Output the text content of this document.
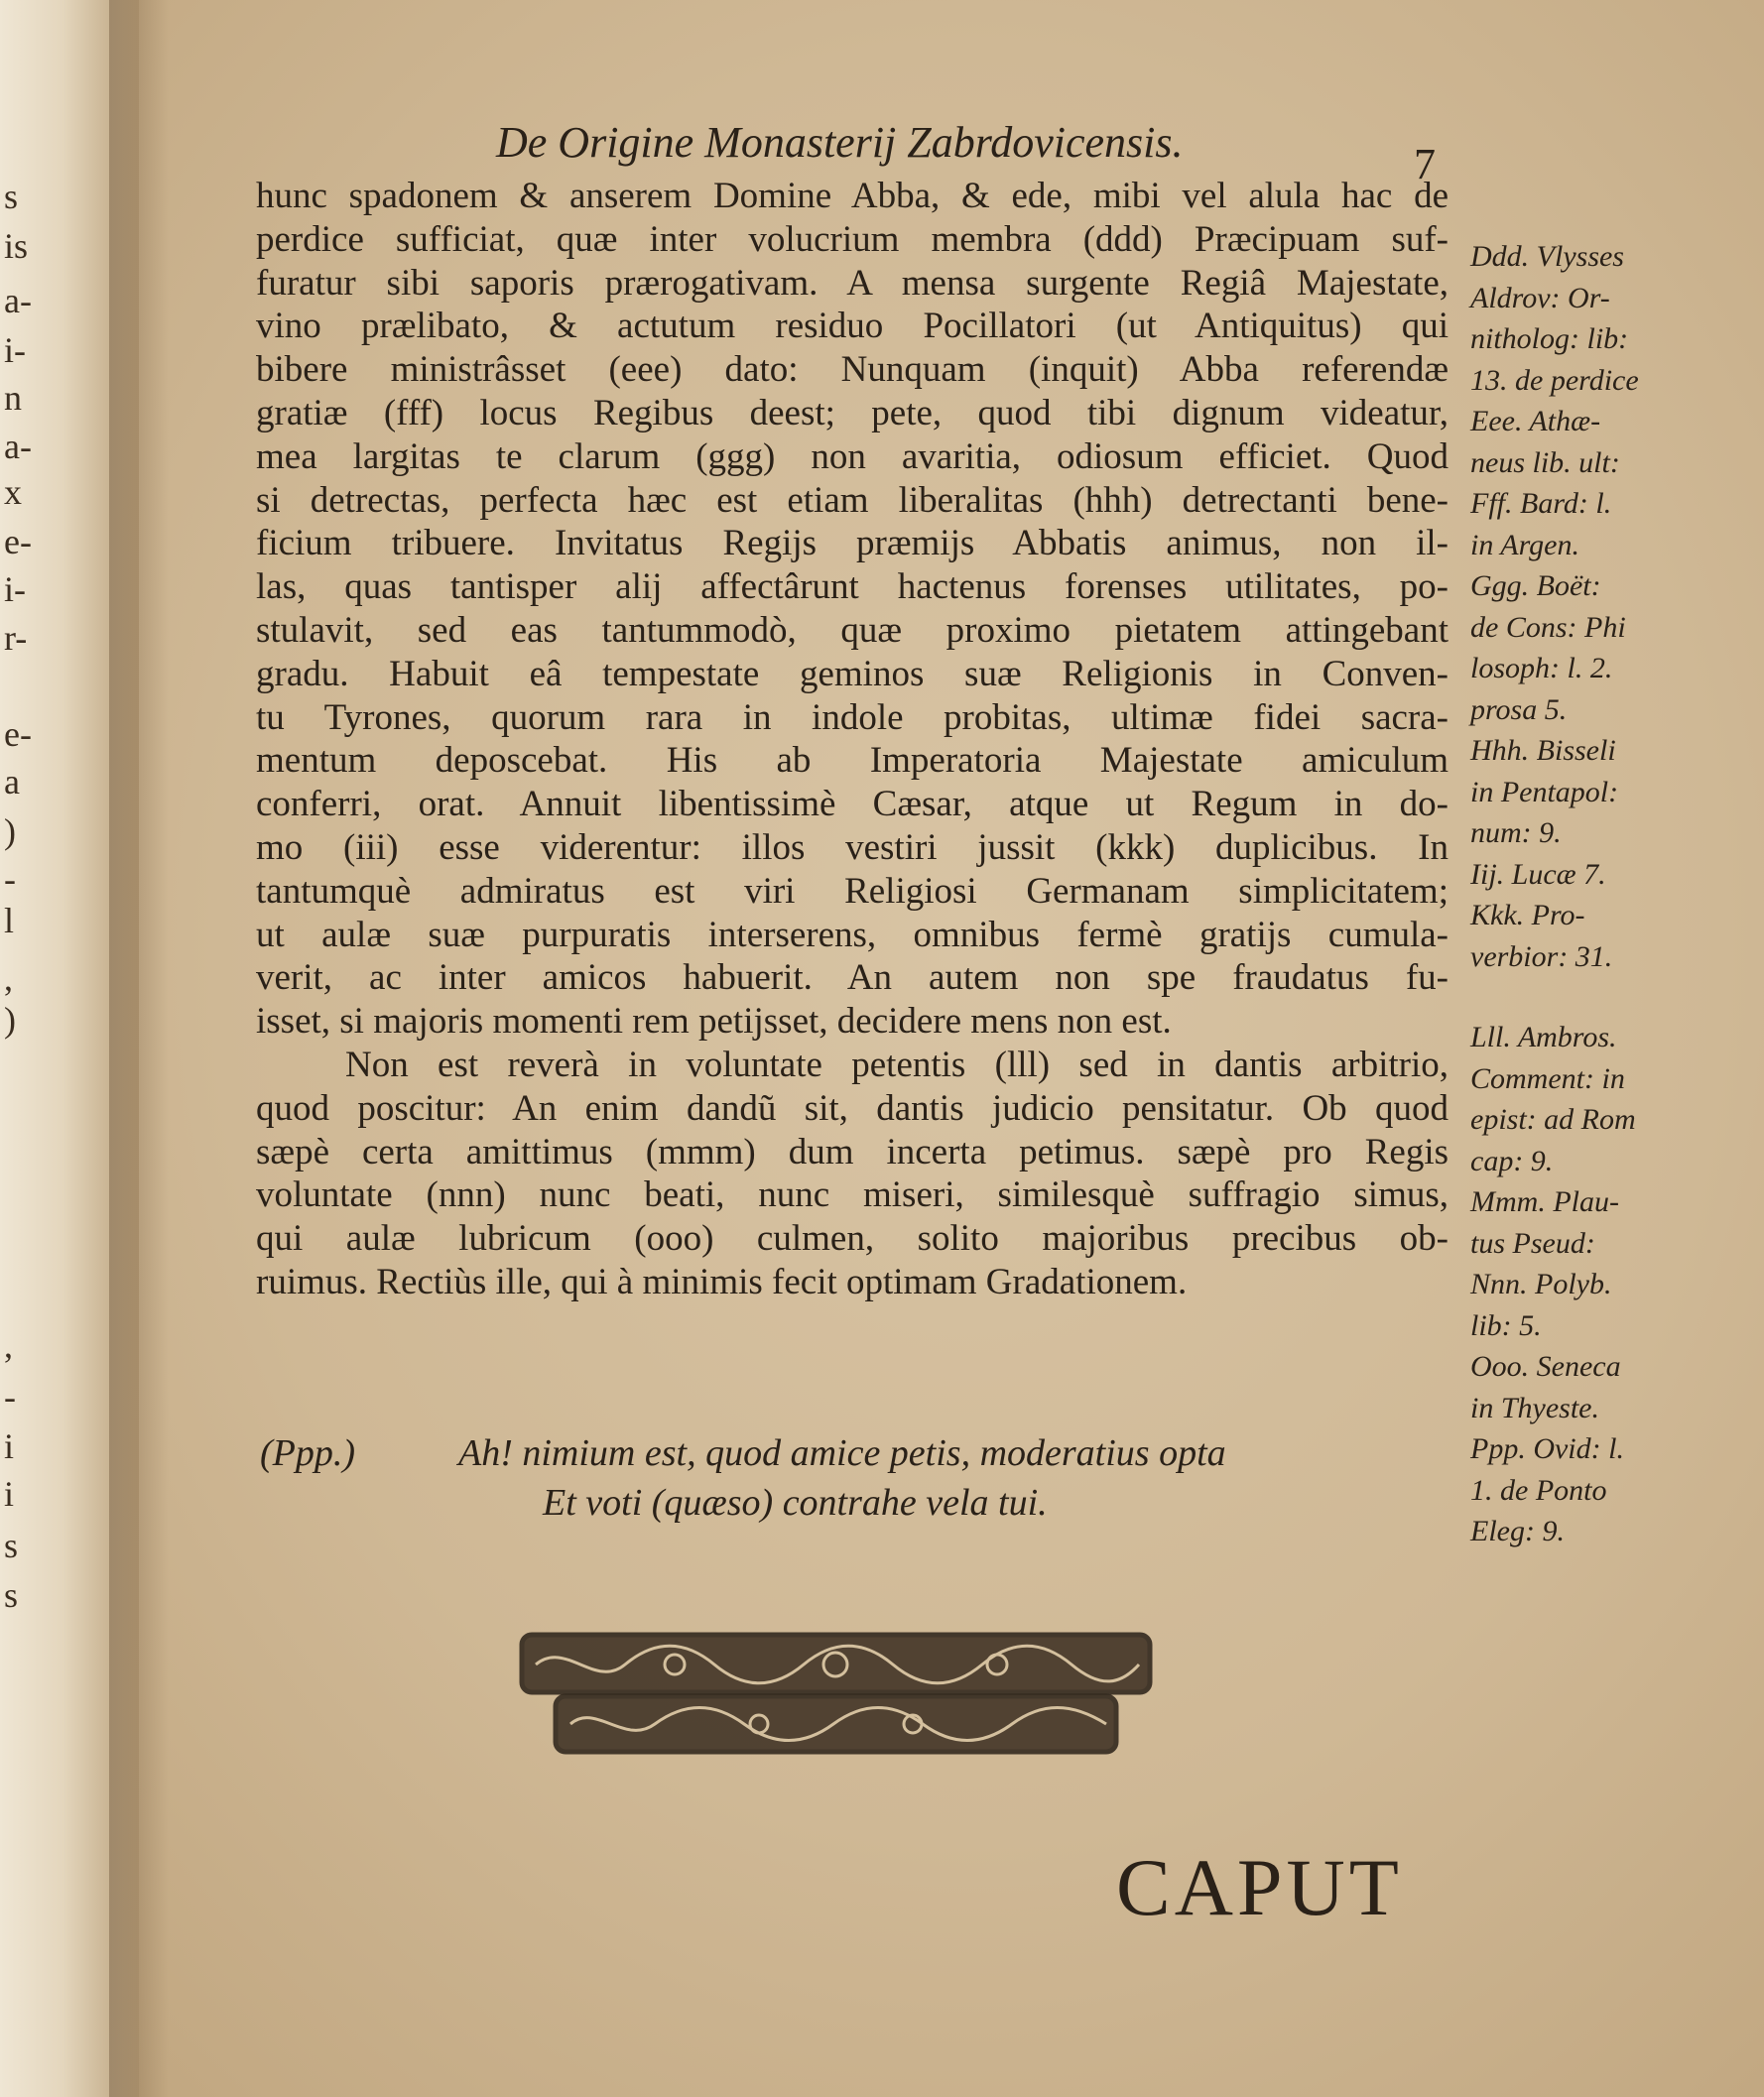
s
is
a-
i-
n
a-
x
e-
i-
r-
e-
a
)
-
l
,
)
,
-
i
i
s
s
De Origine Monasterij Zabrdovicensis.	7
hunc spadonem & anserem Domine Abba, & ede, mibi vel alula hac de
perdice sufficiat, quæ inter volucrium membra (ddd) Præcipuam suf-
furatur sibi saporis prærogativam. A mensa surgente Regiâ Majestate,
vino prælibato, & actutum residuo Pocillatori (ut Antiquitus) qui
bibere ministrâsset (eee) dato: Nunquam (inquit) Abba referendæ
gratiæ (fff) locus Regibus deest; pete, quod tibi dignum videatur,
mea largitas te clarum (ggg) non avaritia, odiosum efficiet. Quod
si detrectas, perfecta hæc est etiam liberalitas (hhh) detrectanti bene-
ficium tribuere. Invitatus Regijs præmijs Abbatis animus, non il-
las, quas tantisper alij affectârunt hactenus forenses utilitates, po-
stulavit, sed eas tantummodò, quæ proximo pietatem attingebant
gradu. Habuit eâ tempestate geminos suæ Religionis in Conven-
tu Tyrones, quorum rara in indole probitas, ultimæ fidei sacra-
mentum deposcebat. His ab Imperatoria Majestate amiculum
conferri, orat. Annuit libentissimè Cæsar, atque ut Regum in do-
mo (iii) esse viderentur: illos vestiri jussit (kkk) duplicibus. In
tantumquè admiratus est viri Religiosi Germanam simplicitatem;
ut aulæ suæ purpuratis interserens, omnibus fermè gratijs cumula-
verit, ac inter amicos habuerit. An autem non spe fraudatus fu-
isset, si majoris momenti rem petijsset, decidere mens non est.
Non est reverà in voluntate petentis (lll) sed in dantis arbitrio,
quod poscitur: An enim dandũ sit, dantis judicio pensitatur. Ob quod
sæpè certa amittimus (mmm) dum incerta petimus. sæpè pro Regis
voluntate (nnn) nunc beati, nunc miseri, similesquè suffragio simus,
qui aulæ lubricum (ooo) culmen, solito majoribus precibus ob-
ruimus. Rectiùs ille, qui à minimis fecit optimam Gradationem.
(Ppp.)	Ah! nimium est, quod amice petis, moderatius opta
Et voti (quæso) contrahe vela tui.
Ddd. Vlysses
Aldrov: Or-
nitholog: lib:
13. de perdice
Eee. Athæ-
neus lib. ult:
Fff. Bard: l.
in Argen.
Ggg. Boët:
de Cons: Phi
losoph: l. 2.
prosa 5.
Hhh. Bisseli
in Pentapol:
num: 9.
Iij. Lucæ 7.
Kkk. Pro-
verbior: 31.
Lll. Ambros.
Comment: in
epist: ad Rom
cap: 9.
Mmm. Plau-
tus Pseud:
Nnn. Polyb.
lib: 5.
Ooo. Seneca
in Thyeste.
Ppp. Ovid: l.
1. de Ponto
Eleg: 9.
CAPUT
